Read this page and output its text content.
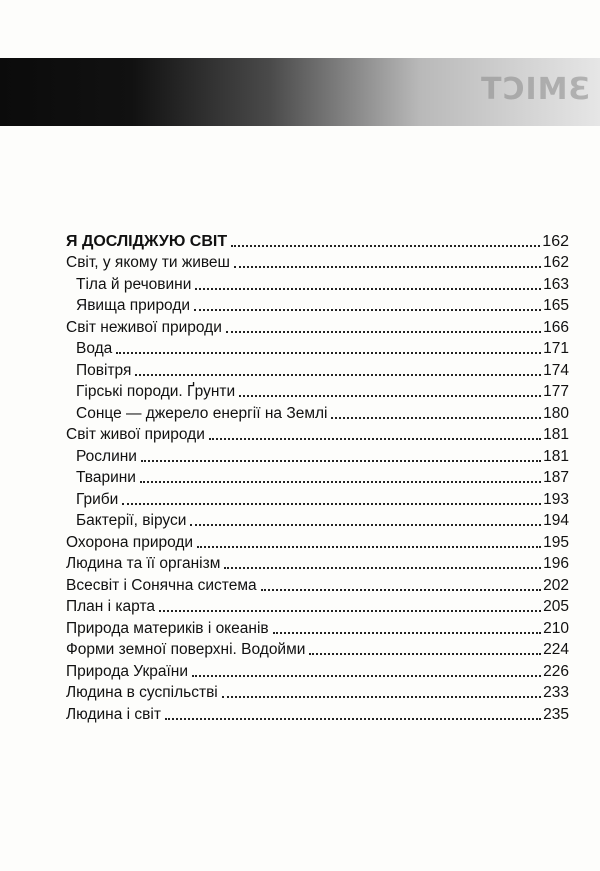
ЗМІСТ
Я ДОСЛІДЖУЮ СВІТ	162
Світ, у якому ти живеш	162
Тіла й речовини	163
Явища природи	165
Світ неживої природи	166
Вода	171
Повітря	174
Гірські породи. Ґрунти	177
Сонце — джерело енергії на Землі	180
Світ живої природи	181
Рослини	181
Тварини	187
Гриби	193
Бактерії, віруси	194
Охорона природи	195
Людина та її організм	196
Всесвіт і Сонячна система	202
План і карта	205
Природа материків і океанів	210
Форми земної поверхні. Водойми	224
Природа України	226
Людина в суспільстві	233
Людина і світ	235
